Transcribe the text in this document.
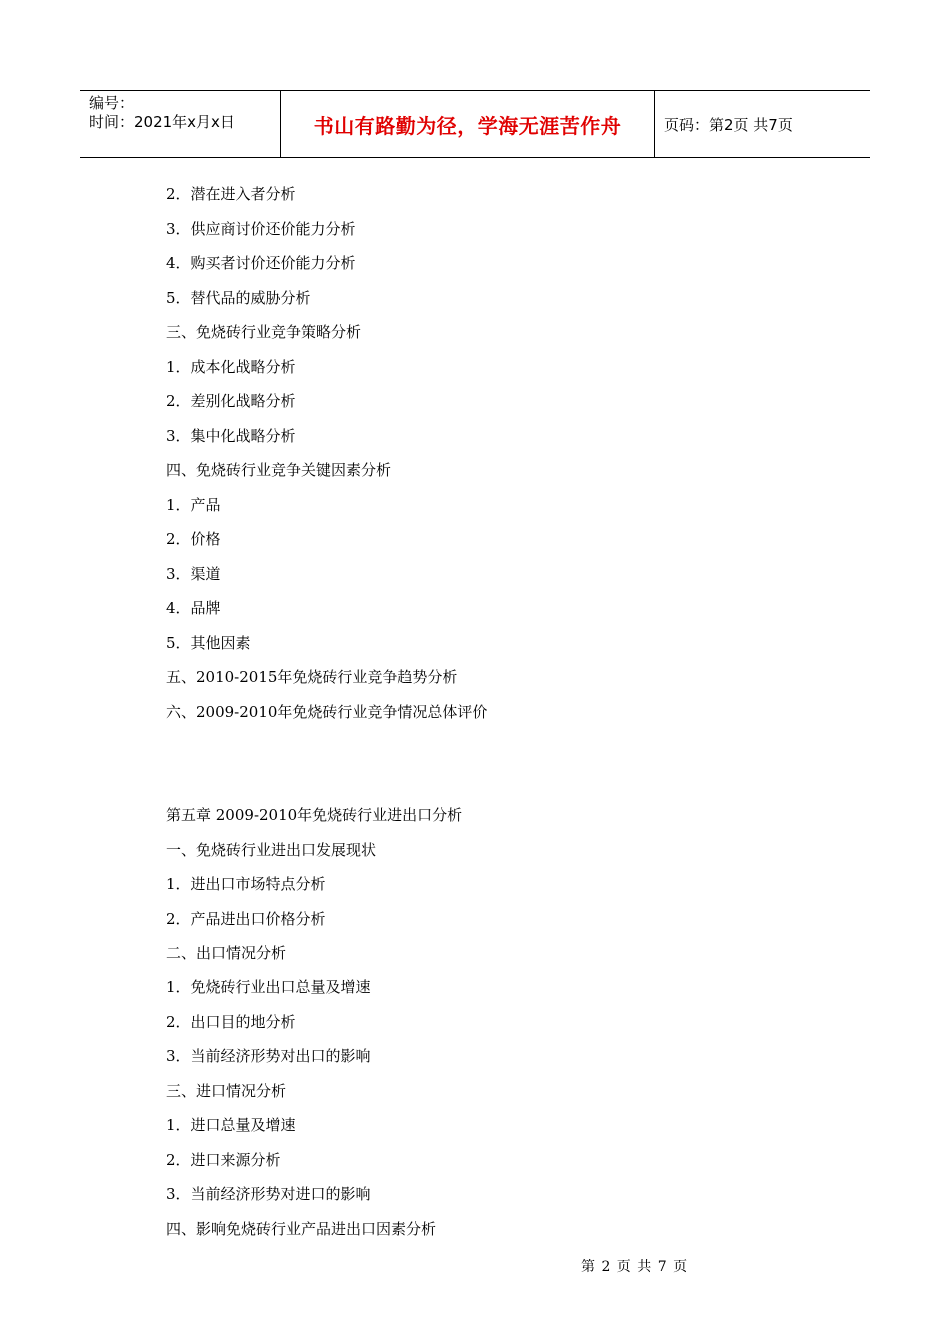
编号：
时间：2021年x月x日	书山有路勤为径，学海无涯苦作舟	页码：第2页 共7页
2．潜在进入者分析
3．供应商讨价还价能力分析
4．购买者讨价还价能力分析
5．替代品的威胁分析
三、免烧砖行业竞争策略分析
1．成本化战略分析
2．差别化战略分析
3．集中化战略分析
四、免烧砖行业竞争关键因素分析
1．产品
2．价格
3．渠道
4．品牌
5．其他因素
五、2010-2015年免烧砖行业竞争趋势分析
六、2009-2010年免烧砖行业竞争情况总体评价
第五章 2009-2010年免烧砖行业进出口分析
一、免烧砖行业进出口发展现状
1．进出口市场特点分析
2．产品进出口价格分析
二、出口情况分析
1．免烧砖行业出口总量及增速
2．出口目的地分析
3．当前经济形势对出口的影响
三、进口情况分析
1．进口总量及增速
2．进口来源分析
3．当前经济形势对进口的影响
四、影响免烧砖行业产品进出口因素分析
第 2 页 共 7 页
